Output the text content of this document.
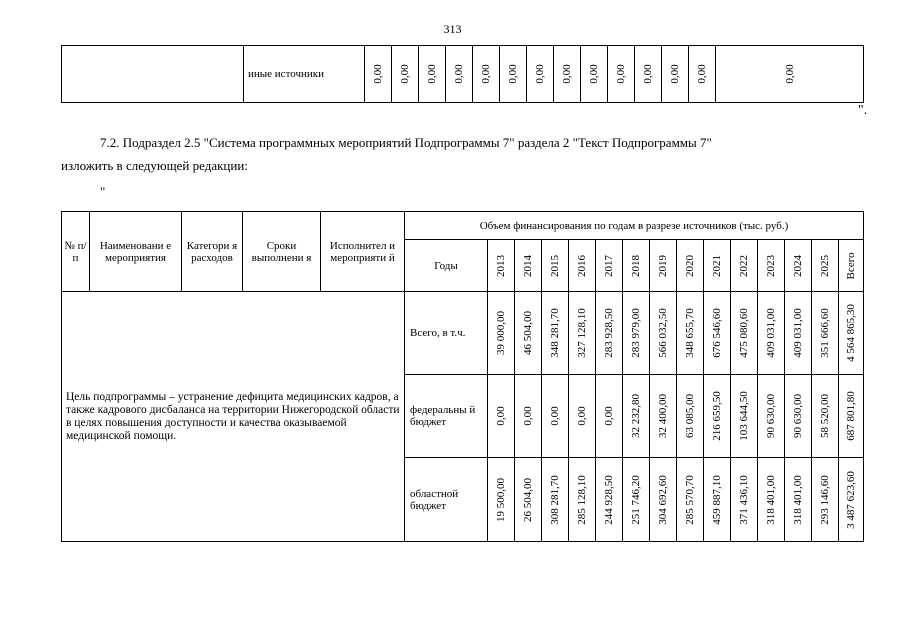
313
	иные источники	0,00	0,00	0,00	0,00	0,00	0,00	0,00	0,00	0,00	0,00	0,00	0,00	0,00	0,00
".
7.2. Подраздел 2.5 "Система программных мероприятий Подпрограммы 7" раздела 2 "Текст Подпрограммы 7"
изложить в следующей редакции:
"
№ п/ п	Наименовани е мероприятия	Категори я расходов	Сроки выполнени я	Исполнител и мероприяти й	Объем финансирования по годам в разрезе источников (тыс. руб.)														
					Годы	2013	2014	2015	2016	2017	2018	2019	2020	2021	2022	2023	2024	2025	Всего

Цель подпрограммы – устранение дефицита медицинских кадров, а также кадрового дисбаланса на территории Нижегородской области в целях повышения доступности и качества оказываемой медицинской помощи.					Всего, в т.ч.	39 000,00	46 504,00	348 281,70	327 128,10	283 928,50	283 979,00	566 032,50	348 655,70	676 546,60	475 080,60	409 031,00	409 031,00	351 666,60	4 564 865,30

					федеральны й бюджет	0,00	0,00	0,00	0,00	0,00	32 232,80	32 400,00	63 085,00	216 659,50	103 644,50	90 630,00	90 630,00	58 520,00	687 801,80

					областной бюджет	19 500,00	26 504,00	308 281,70	285 128,10	244 928,50	251 746,20	304 692,60	285 570,70	459 887,10	371 436,10	318 401,00	318 401,00	293 146,60	3 487 623,60
